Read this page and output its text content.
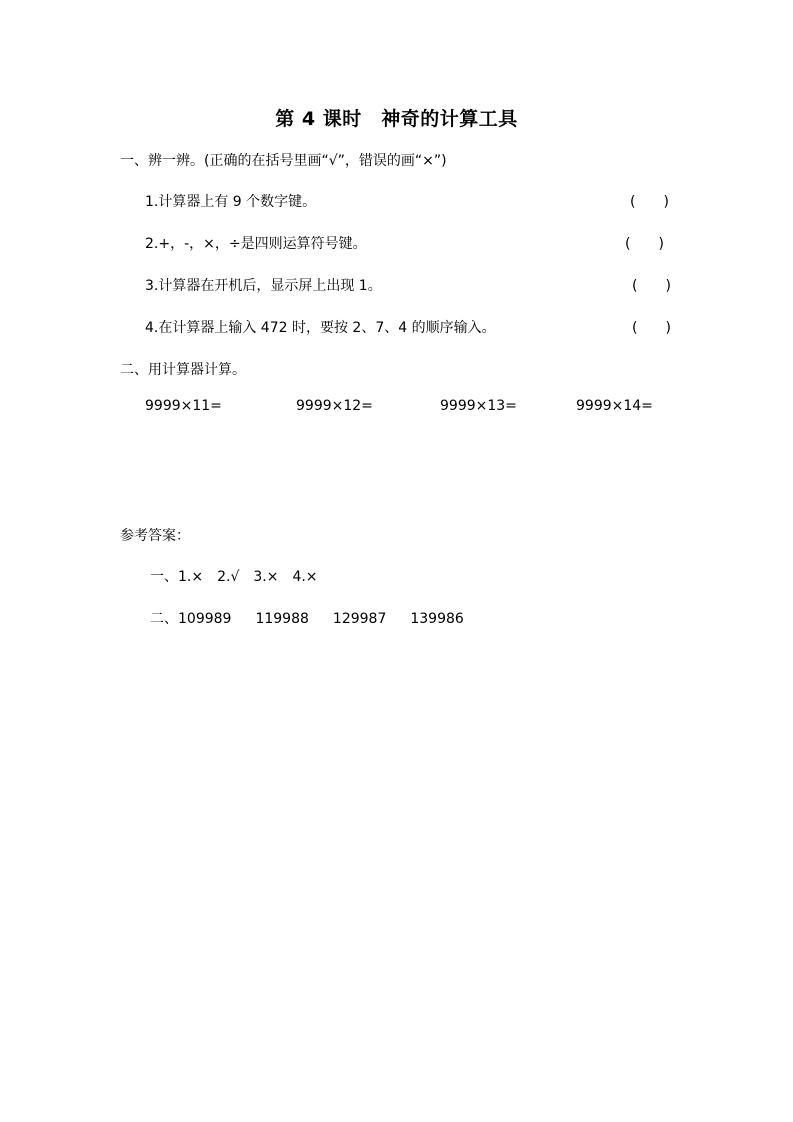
第 4 课时　神奇的计算工具
一、辨一辨。(正确的在括号里画“√”，错误的画“×”)
1.计算器上有 9 个数字键。	(　　)
2.+，-，×，÷是四则运算符号键。	(　　)
3.计算器在开机后，显示屏上出现 1。	(　　)
4.在计算器上输入 472 时，要按 2、7、4 的顺序输入。	(　　)
二、用计算器计算。
9999×11=	9999×12=	9999×13=	9999×14=
参考答案：
一、1.×　2.√　3.×　4.×
二、109989 119988 129987 139986
